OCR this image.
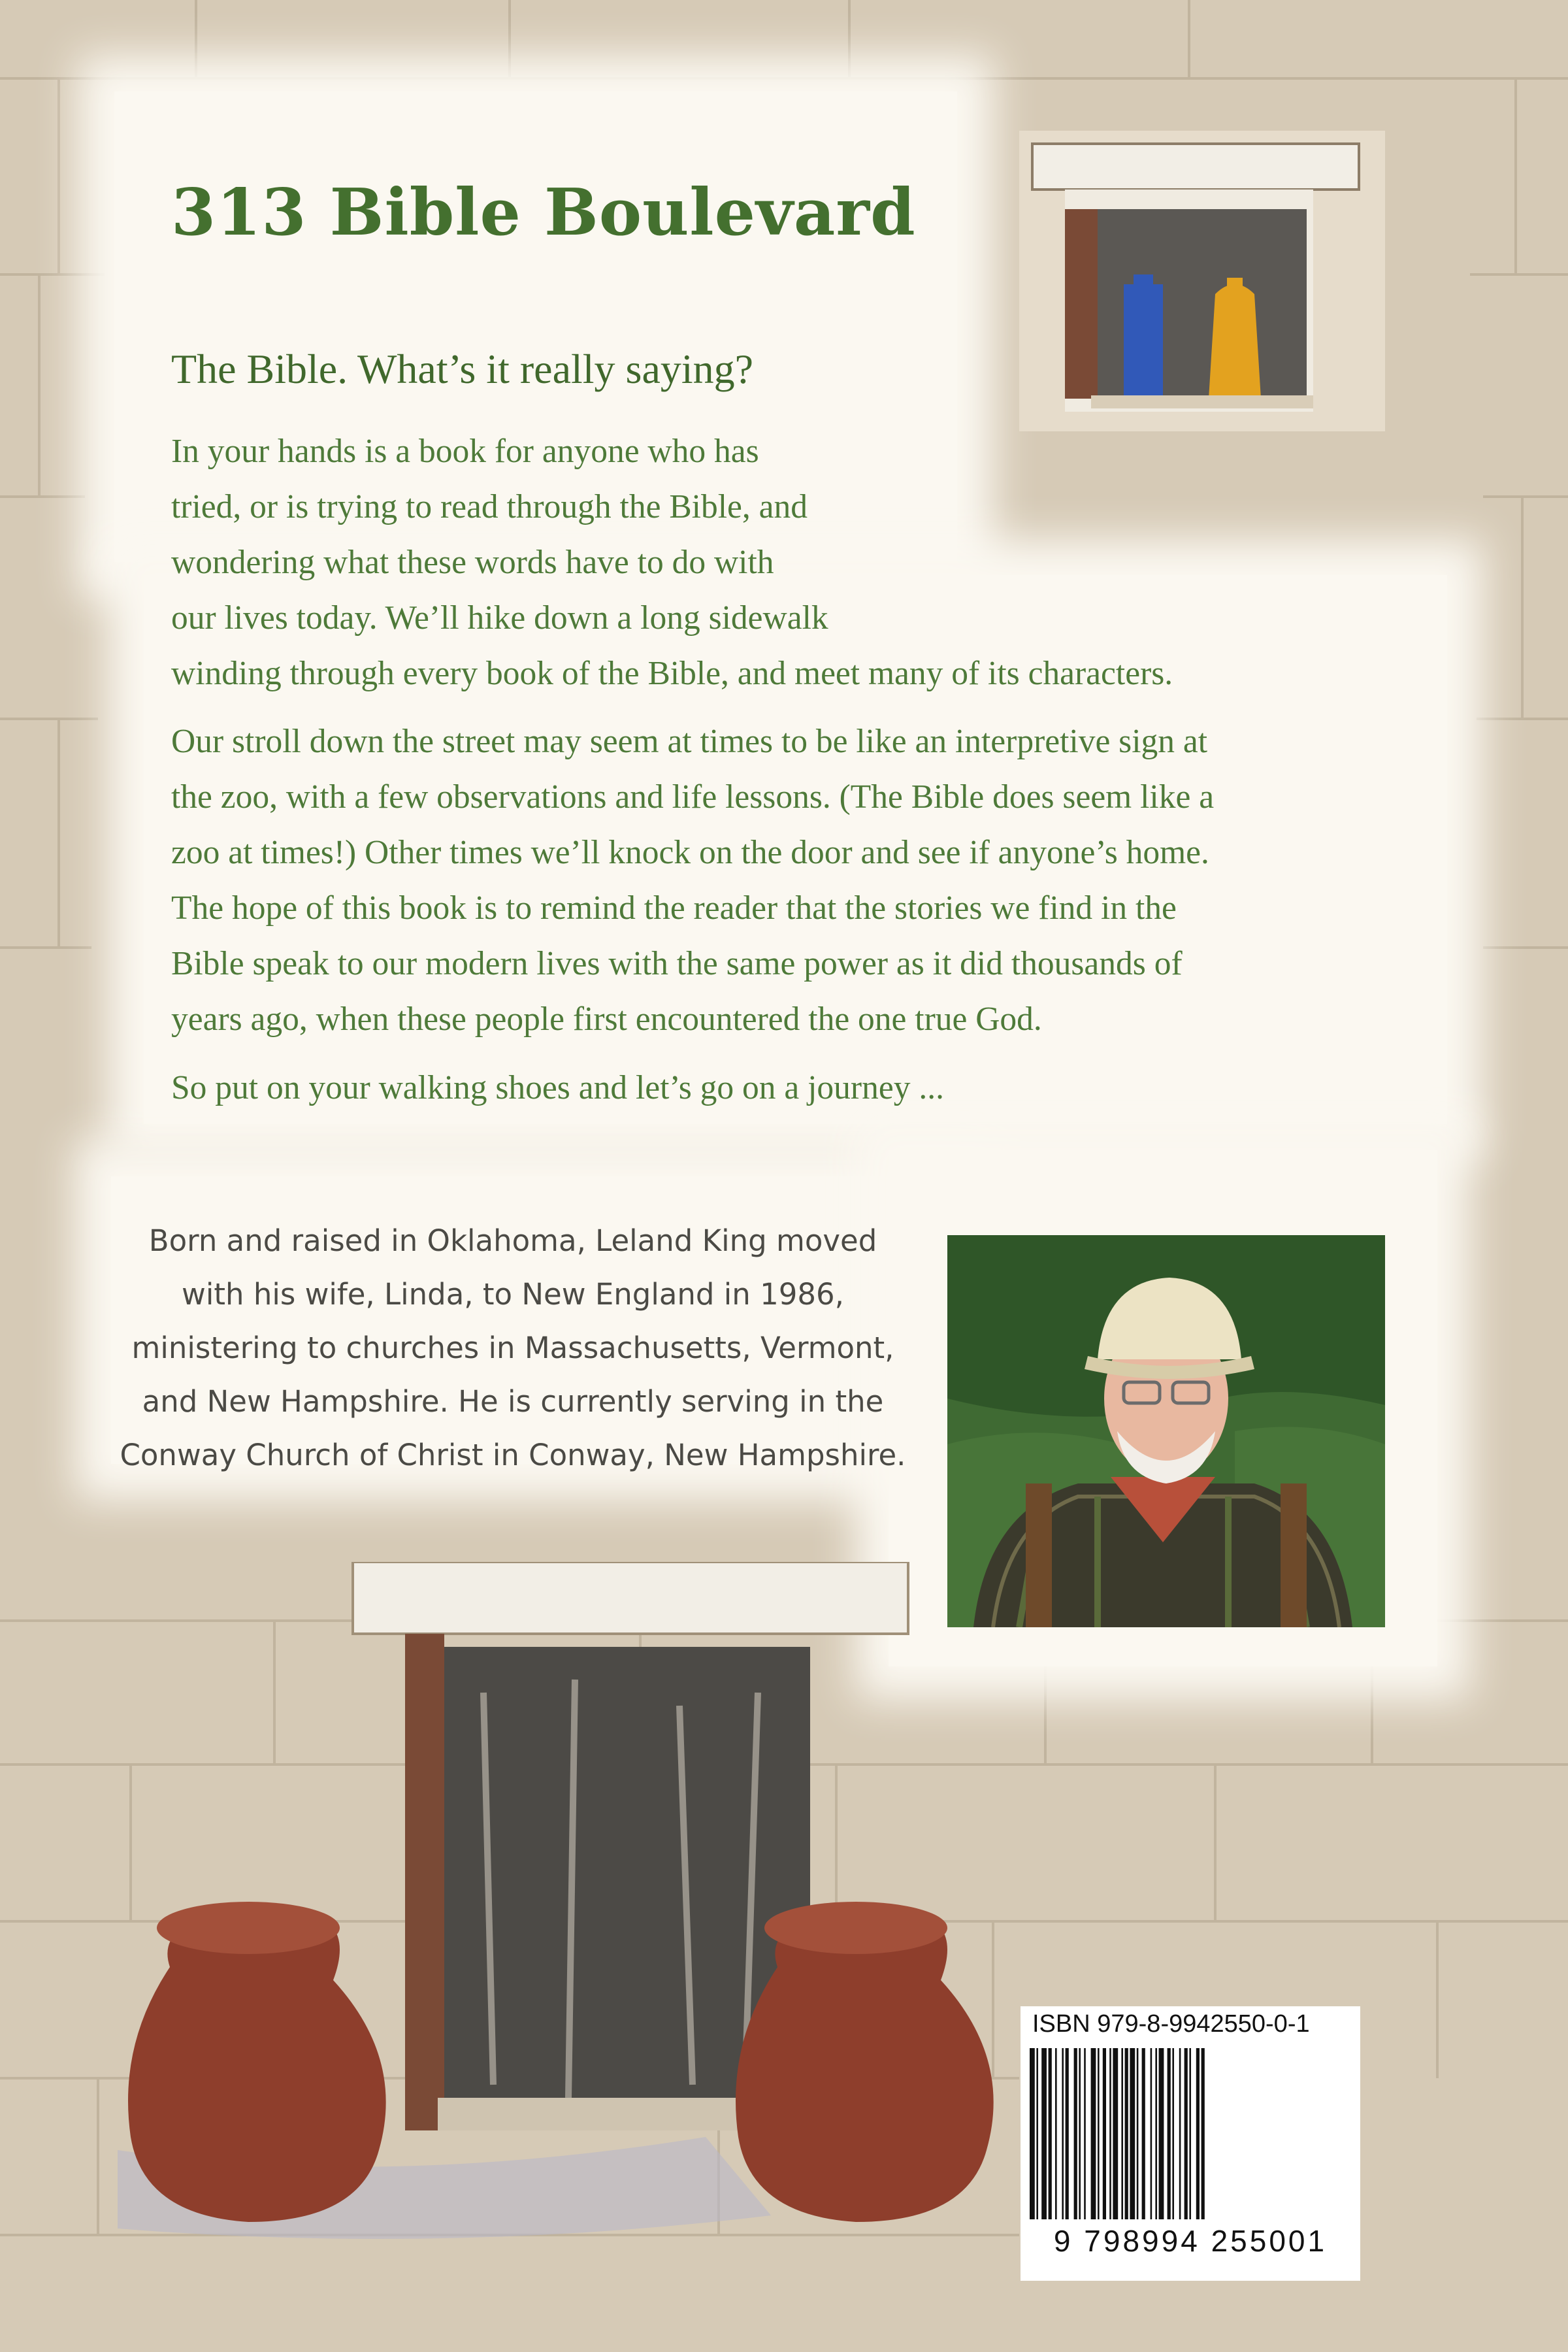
313 Bible Boulevard
The Bible. What’s it really saying?

In your hands is a book for anyone who has
tried, or is trying to read through the Bible, and
wondering what these words have to do with
our lives today. We’ll hike down a long sidewalk
winding through every book of the Bible, and meet many of its characters.

Our stroll down the street may seem at times to be like an interpretive sign at
the zoo, with a few observations and life lessons. (The Bible does seem like a
zoo at times!) Other times we’ll knock on the door and see if anyone’s home.
The hope of this book is to remind the reader that the stories we find in the
Bible speak to our modern lives with the same power as it did thousands of
years ago, when these people first encountered the one true God.

So put on your walking shoes and let’s go on a journey ...

Born and raised in Oklahoma, Leland King moved
with his wife, Linda, to New England in 1986,
ministering to churches in Massachusetts, Vermont,
and New Hampshire. He is currently serving in the
Conway Church of Christ in Conway, New Hampshire.
ISBN 979-8-9942550-0-1
9 798994 255001
